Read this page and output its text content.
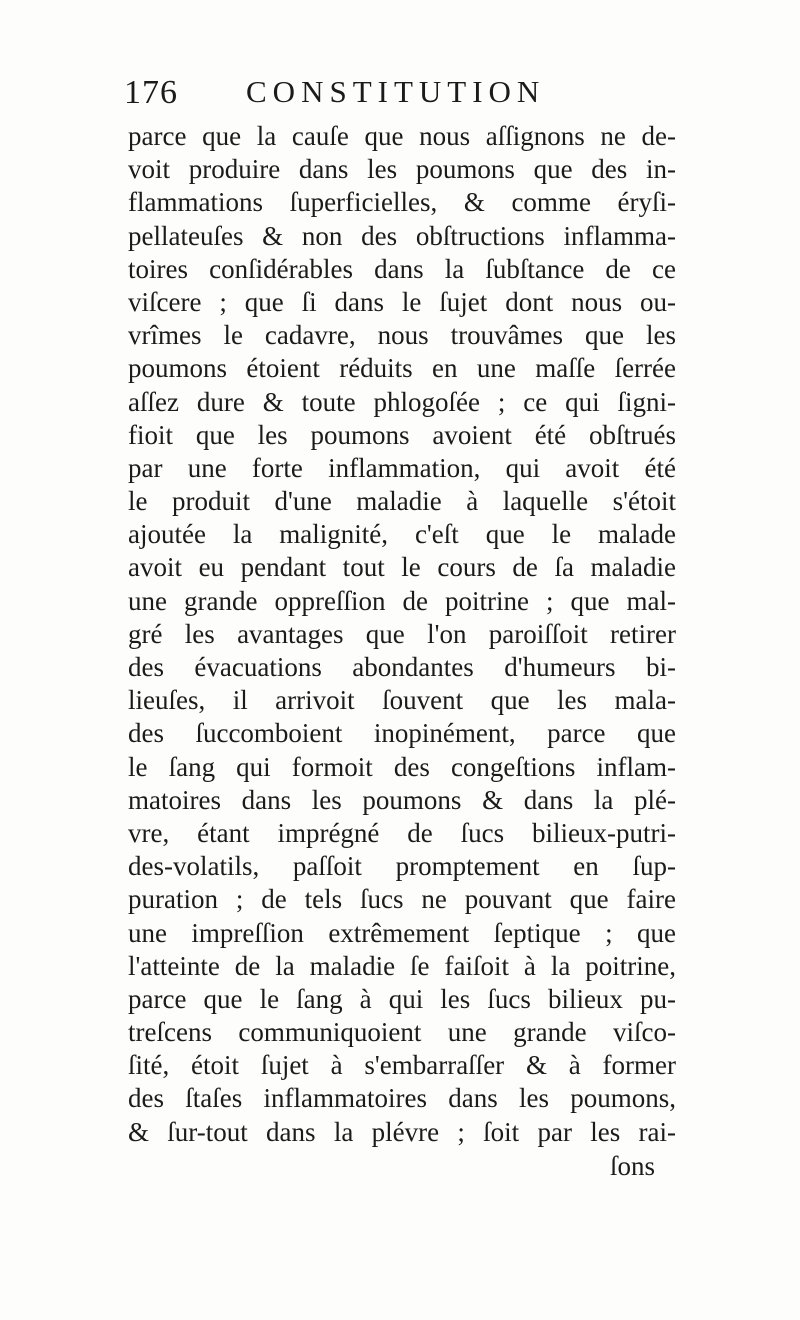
176 CONSTITUTION
parce que la cauſe que nous aſſignons ne de-
voit produire dans les poumons que des in-
flammations ſuperficielles, & comme éryſi-
pellateuſes & non des obſtructions inflamma-
toires conſidérables dans la ſubſtance de ce
viſcere ; que ſi dans le ſujet dont nous ou-
vrîmes le cadavre, nous trouvâmes que les
poumons étoient réduits en une maſſe ſerrée
aſſez dure & toute phlogoſée ; ce qui ſigni-
fioit que les poumons avoient été obſtrués
par une forte inflammation, qui avoit été
le produit d'une maladie à laquelle s'étoit
ajoutée la malignité, c'eſt que le malade
avoit eu pendant tout le cours de ſa maladie
une grande oppreſſion de poitrine ; que mal-
gré les avantages que l'on paroiſſoit retirer
des évacuations abondantes d'humeurs bi-
lieuſes, il arrivoit ſouvent que les mala-
des ſuccomboient inopinément, parce que
le ſang qui formoit des congeſtions inflam-
matoires dans les poumons & dans la plé-
vre, étant imprégné de ſucs bilieux-putri-
des-volatils, paſſoit promptement en ſup-
puration ; de tels ſucs ne pouvant que faire
une impreſſion extrêmement ſeptique ; que
l'atteinte de la maladie ſe faiſoit à la poitrine,
parce que le ſang à qui les ſucs bilieux pu-
treſcens communiquoient une grande viſco-
ſité, étoit ſujet à s'embarraſſer & à former
des ſtaſes inflammatoires dans les poumons,
& ſur-tout dans la plévre ; ſoit par les rai-
ſons
